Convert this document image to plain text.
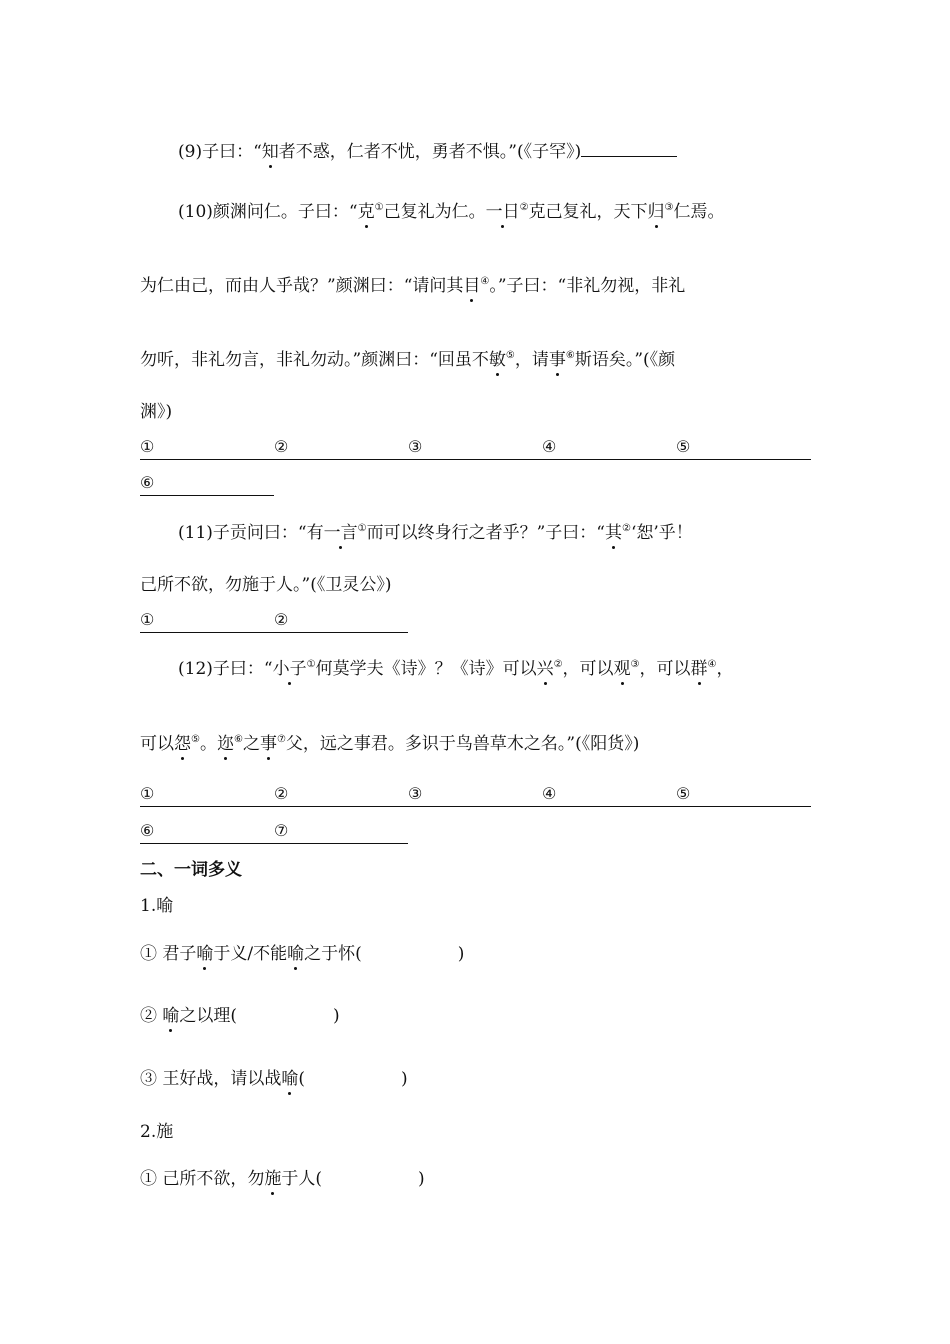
(9)子曰：“知者不惑，仁者不忧，勇者不惧。”(《子罕》)
(10)颜渊问仁。子曰：“克①己复礼为仁。一日②克己复礼，天下归③仁焉。
为仁由己，而由人乎哉？”颜渊曰：“请问其目④。”子曰：“非礼勿视，非礼
勿听，非礼勿言，非礼勿动。”颜渊曰：“回虽不敏⑤，请事⑥斯语矣。”(《颜
渊》)
①	②	③	④	⑤
⑥
(11)子贡问曰：“有一言①而可以终身行之者乎？”子曰：“其②‘恕’乎！
己所不欲，勿施于人。”(《卫灵公》)
①	②
(12)子曰：“小子①何莫学夫《诗》？《诗》可以兴②，可以观③，可以群④，
可以怨⑤。迩⑥之事⑦父，远之事君。多识于鸟兽草木之名。”(《阳货》)
①	②	③	④	⑤
⑥	⑦
二、一词多义
1.喻
① 君子喻于义/不能喻之于怀(	)
② 喻之以理(	)
③ 王好战，请以战喻(	)
2.施
① 己所不欲，勿施于人(	)
